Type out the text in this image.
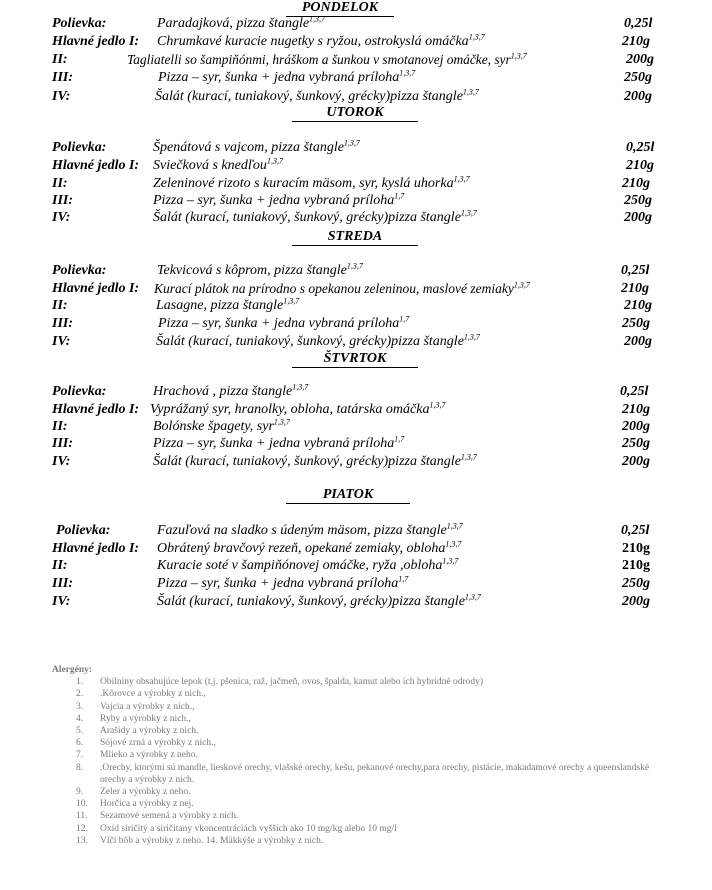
PONDELOK
Polievka:	Paradajková, pizza štangle$^{1,3,7}$	0,25l
Hlavné jedlo I: Chrumkavé kuracie nugetky s ryžou, ostrokyslá omáčka$^{1,3,7}$	210g
II:	Tagliatelli so šampiňónmi, hráškom a šunkou v smotanovej omáčke, syr$^{1,3,7}$	200g
III:	Pizza – syr, šunka + jedna vybraná príloha$^{1,3,7}$	250g
IV:	Šalát (kurací, tuniakový, šunkový, grécky)pizza štangle$^{1,3,7}$	200g
UTOROK
Polievka:	Špenátová s vajcom, pizza štangle$^{1,3,7}$	0,25l
Hlavné jedlo I: Sviečková s knedľou$^{1,3,7}$	210g
II:	Zeleninové rizoto s kuracím mäsom, syr, kyslá uhorka$^{1,3,7}$	210g
III:	Pizza – syr, šunka + jedna vybraná príloha$^{1,7}$	250g
IV:	Šalát (kurací, tuniakový, šunkový, grécky)pizza štangle$^{1,3,7}$	200g
STREDA
Polievka:	Tekvicová s kôprom, pizza štangle$^{1,3,7}$	0,25l
Hlavné jedlo I: Kurací plátok na prírodno s opekanou zeleninou, maslové zemiaky$^{1,3,7}$	210g
II:	Lasagne, pizza štangle$^{1,3,7}$	210g
III:	Pizza – syr, šunka + jedna vybraná príloha$^{1,7}$	250g
IV:	Šalát (kurací, tuniakový, šunkový, grécky)pizza štangle$^{1,3,7}$	200g
ŠTVRTOK
Polievka:	Hrachová , pizza štangle$^{1,3,7}$	0,25l
Hlavné jedlo I: Vyprážaný syr, hranolky, obloha, tatárska omáčka$^{1,3,7}$	210g
II:	Bolónske špagety, syr$^{1,3,7}$	200g
III:	Pizza – syr, šunka + jedna vybraná príloha$^{1,7}$	250g
IV:	Šalát (kurací, tuniakový, šunkový, grécky)pizza štangle$^{1,3,7}$	200g
PIATOK
Polievka:	Fazuľová na sladko s údeným mäsom, pizza štangle$^{1,3,7}$	0,25l
Hlavné jedlo I: Obrátený bravčový rezeň, opekané zemiaky, obloha$^{1,3,7}$	210g
II:	Kuracie soté v šampiňónovej omáčke, ryža ,obloha$^{1,3,7}$	210g
III:	Pizza – syr, šunka + jedna vybraná príloha$^{1,7}$	250g
IV:	Šalát (kurací, tuniakový, šunkový, grécky)pizza štangle$^{1,3,7}$	200g
Alergény:
1. Obilniny obsahujúce lepok (t.j. pšenica, raž, jačmeň, ovos, špalda, kamut alebo ich hybridné odrody)
2. .Kôrovce a výrobky z nich.,
3. Vajcia a výrobky z nich.,
4. Ryby a výrobky z nich.,
5. Arašidy a výrobky z nich.
6. Sójové zrná a výrobky z nich.,
7. Mlieko a výrobky z neho.
8. .Orechy, ktorými sú mandle, lieskové orechy, vlašské orechy, kešu, pekanové orechy,para orechy, pistácie, makadamové orechy a queenslandské orechy a výrobky z nich.
9. Zeler a výrobky z neho.
10. Horčica a výrobky z nej.
11. Sezamové semená a výrobky z nich.
12. Oxid siričitý a siričitany vkoncentráciách vyšších ako 10 mg/kg alebo 10 mg/l
13. Vlčí bôb a výrobky z neho. 14. Mäkkýše a výrobky z nich.
